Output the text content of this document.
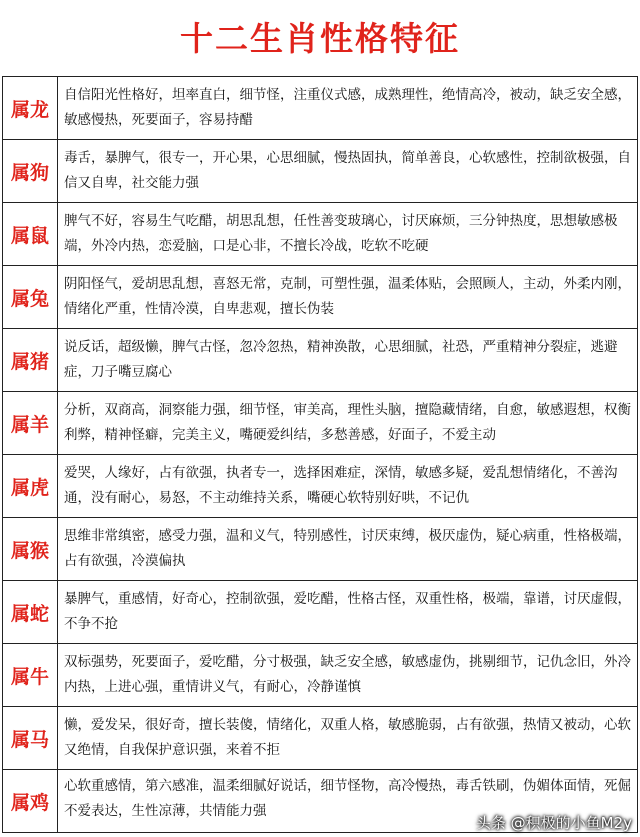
十二生肖性格特征
属龙	自信阳光性格好，坦率直白，细节怪，注重仪式感，成熟理性，绝情高冷，被动，缺乏安全感，敏感慢热，死要面子，容易持醋
属狗	毒舌，暴脾气，很专一，开心果，心思细腻，慢热固执，简单善良，心软感性，控制欲极强，自信又自卑，社交能力强
属鼠	脾气不好，容易生气吃醋，胡思乱想，任性善变玻璃心，讨厌麻烦，三分钟热度，思想敏感极端，外冷内热，恋爱脑，口是心非，不擅长冷战，吃软不吃硬
属兔	阴阳怪气，爱胡思乱想，喜怒无常，克制，可塑性强，温柔体贴，会照顾人，主动，外柔内刚，情绪化严重，性情冷漠，自卑悲观，擅长伪装
属猪	说反话，超级懒，脾气古怪，忽冷忽热，精神涣散，心思细腻，社恐，严重精神分裂症，逃避症，刀子嘴豆腐心
属羊	分析，双商高，洞察能力强，细节怪，审美高，理性头脑，擅隐藏情绪，自愈，敏感遐想，权衡利弊，精神怪癖，完美主义，嘴硬爱纠结，多愁善感，好面子，不爱主动
属虎	爱哭，人缘好，占有欲强，执者专一，选择困难症，深情，敏感多疑，爱乱想情绪化，不善沟通，没有耐心，易怒，不主动维持关系，嘴硬心软特别好哄，不记仇
属猴	思维非常缜密，感受力强，温和义气，特别感性，讨厌束缚，极厌虚伪，疑心病重，性格极端，占有欲强，冷漠偏执
属蛇	暴脾气，重感情，好奇心，控制欲强，爱吃醋，性格古怪，双重性格，极端，靠谱，讨厌虚假，不争不抢
属牛	双标强势，死要面子，爱吃醋，分寸极强，缺乏安全感，敏感虚伪，挑剔细节，记仇念旧，外冷内热，上进心强，重情讲义气，有耐心，冷静谨慎
属马	懒，爱发呆，很好奇，擅长装傻，情绪化，双重人格，敏感脆弱，占有欲强，热情又被动，心软又绝情，自我保护意识强，来着不拒
属鸡	心软重感情，第六感准，温柔细腻好说话，细节怪物，高冷慢热，毒舌铁刷，伪媚体面情，死倔不爱表达，生性凉薄，共情能力强
头条 @积极的小鱼M2y
